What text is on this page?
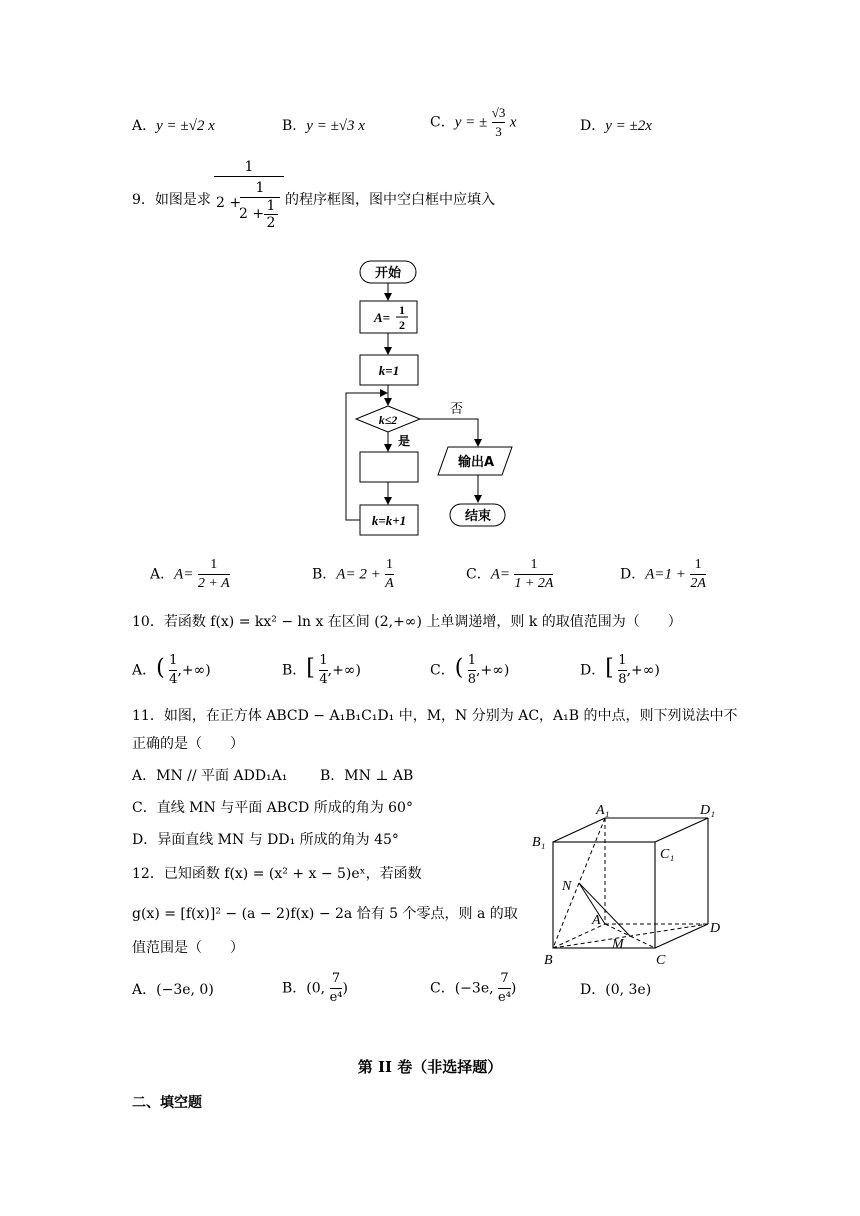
A．y = ±√2 x	B．y = ±√3 x	C．y = ± $\frac{√3}{3}$ x	D．y = ±2x
9．如图是求
1
2 +
1
2 + 1
2
的程序框图，图中空白框中应填入
开始
A= 1
2
k=1
k≤2
否
是
k=k+1
输出A
结束
A．$A= \frac{1}{2 + A}$	B．$A= 2 + \frac{1}{A}$	C．$A= \frac{1}{1 + 2A}$	D．$A=1 + \frac{1}{2A}$
10．若函数 f(x) = kx² − ln x 在区间 (2,+∞) 上单调递增，则 k 的取值范围为（　　）
A．( $\frac{1}{4}$ ,+∞)	B．[ $\frac{1}{4}$ ,+∞)	C．( $\frac{1}{8}$ ,+∞)	D．[ $\frac{1}{8}$ ,+∞)
11．如图，在正方体 ABCD − A₁B₁C₁D₁ 中，M，N 分别为 AC，A₁B 的中点，则下列说法中不
正确的是（　　）
A．MN // 平面 ADD₁A₁ B．MN ⊥ AB
C．直线 MN 与平面 ABCD 所成的角为 60°
D．异面直线 MN 与 DD₁ 所成的角为 45°
A₁	D₁
B₁
C₁
N
A
M
B	C
D
12．已知函数 f(x) = (x² + x − 5)eˣ，若函数
g(x) = [f(x)]² − (a − 2)f(x) − 2a 恰有 5 个零点，则 a 的取
值范围是（　　）
A．(−3e, 0)	B．(0, $\frac{7}{\text{e⁴}}$ )	C．(−3e, $\frac{7}{\text{e⁴}}$ )	D．(0, 3e)
第 II 卷（非选择题）
二、填空题
